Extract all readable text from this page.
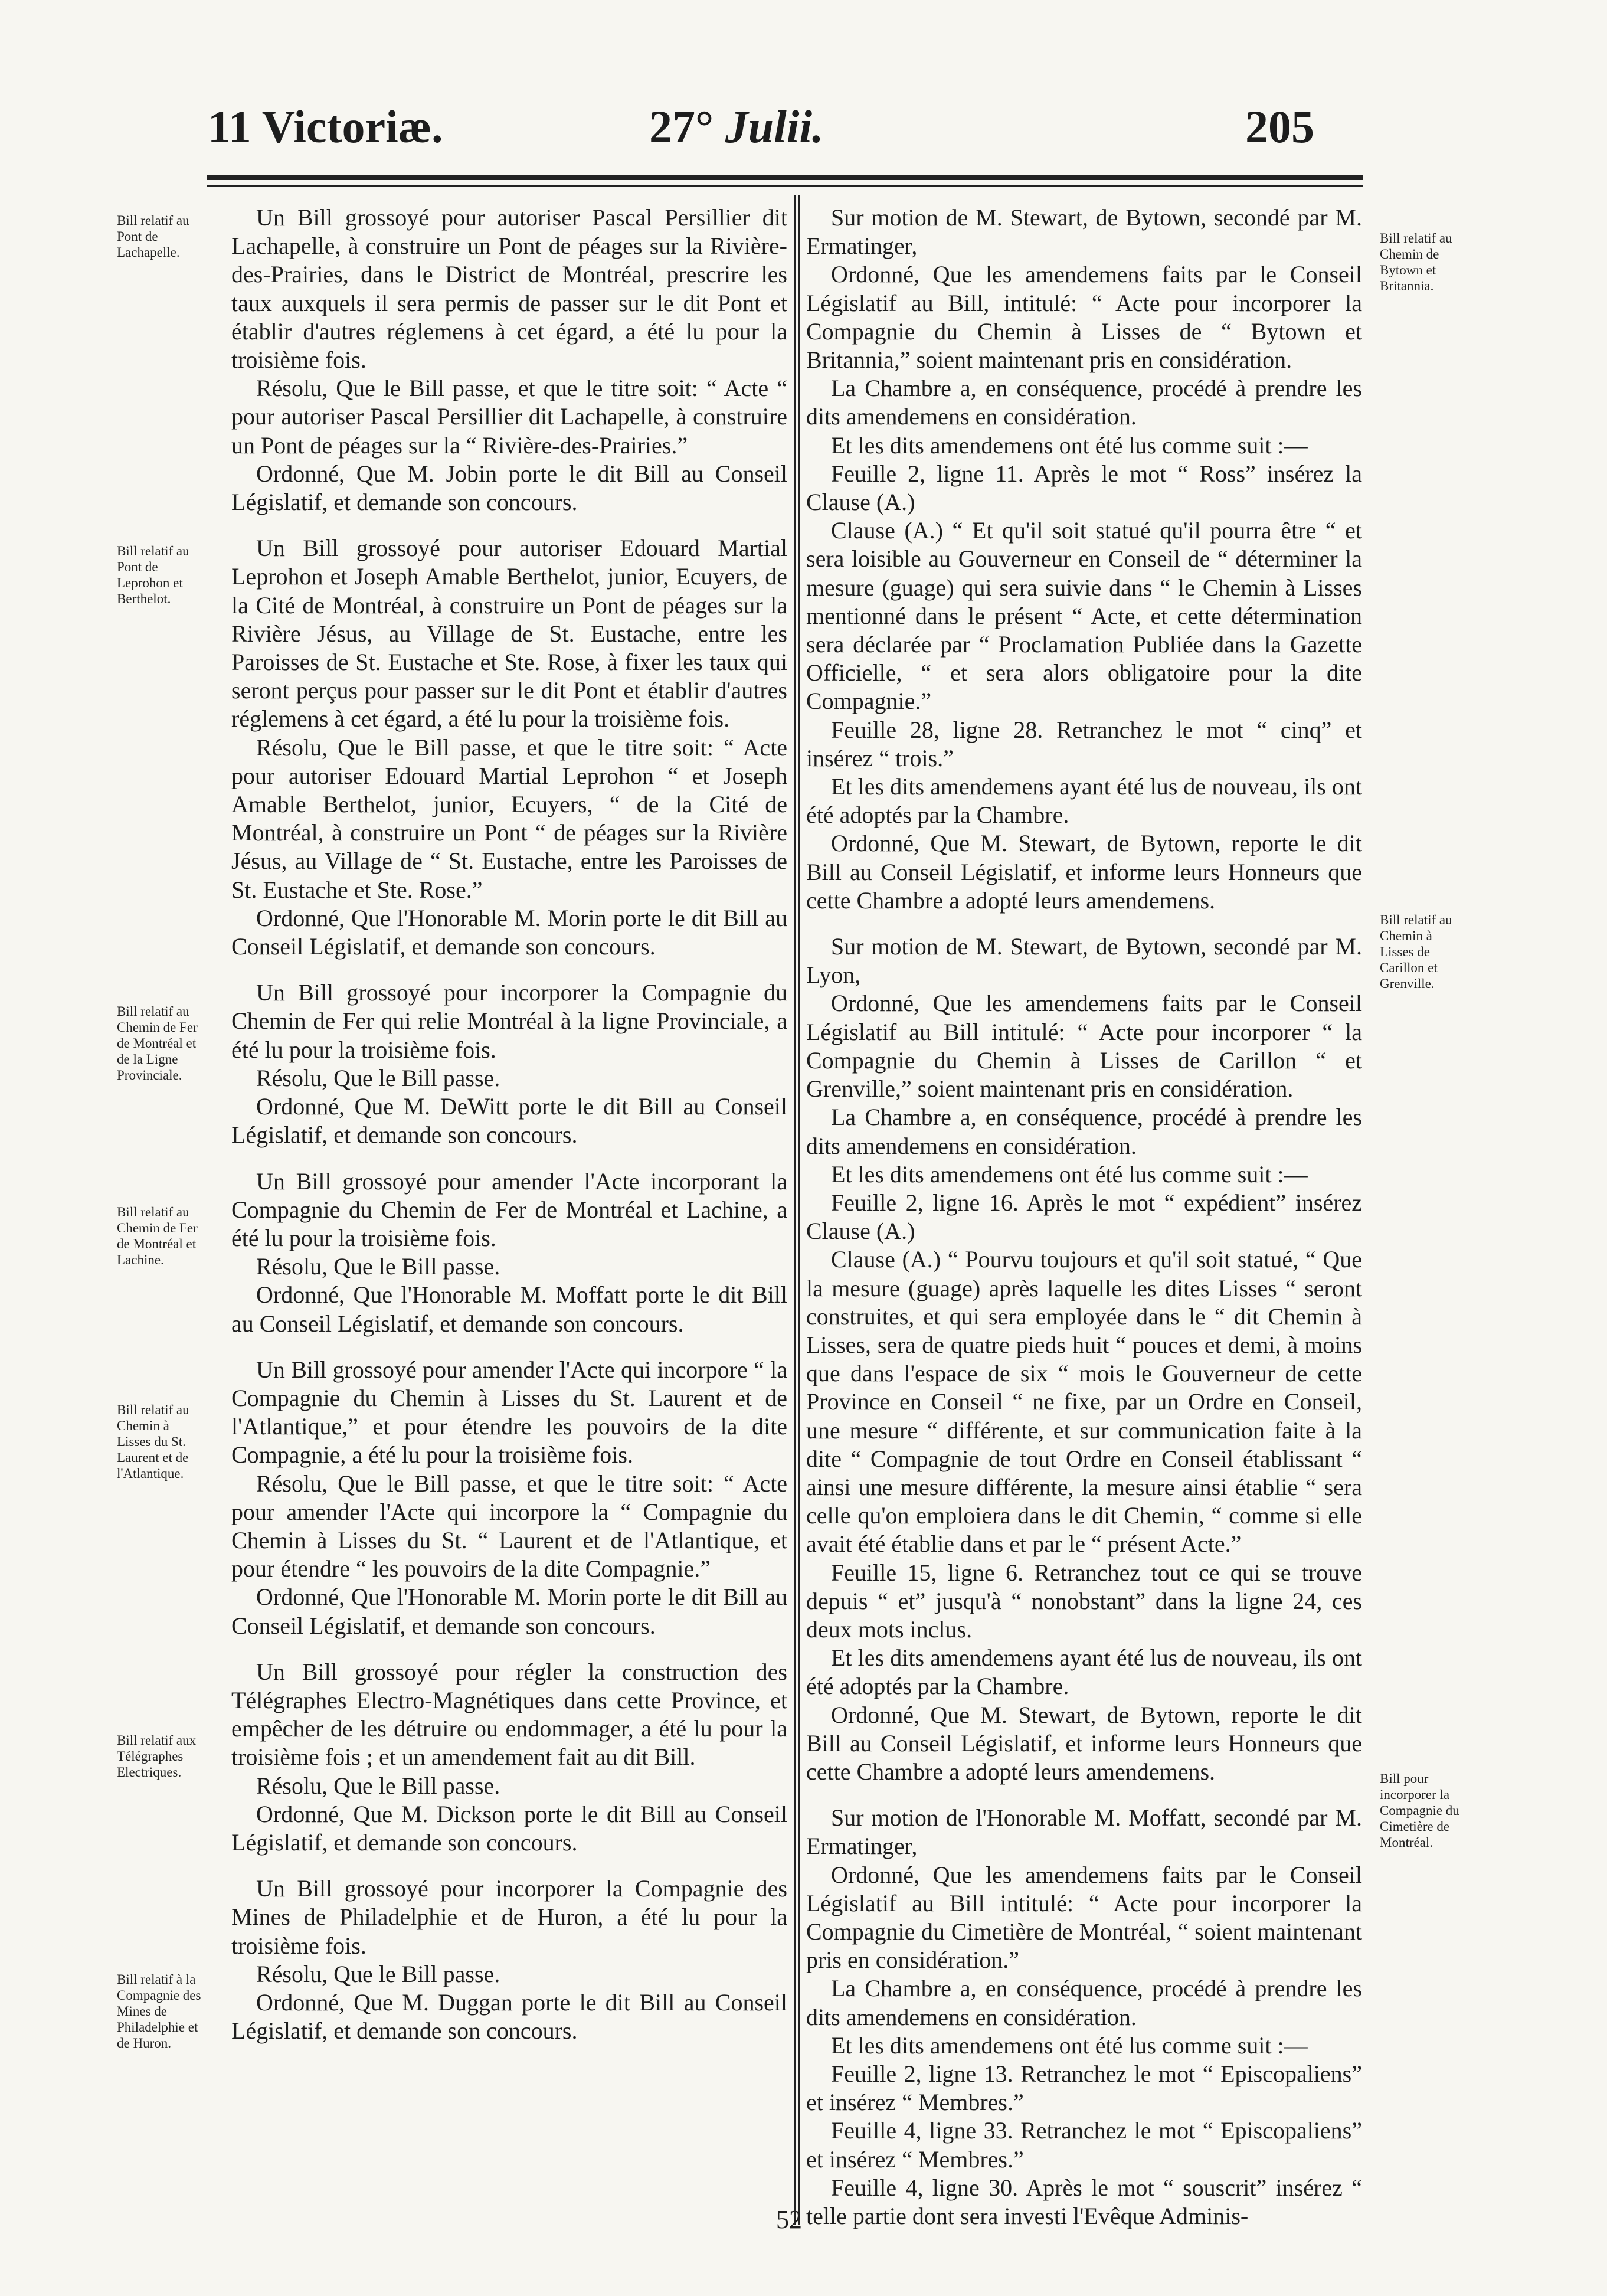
11 Victoriæ.	27° Julii.	205
Bill relatif au Pont de Lachapelle.
Bill relatif au Pont de Leprohon et Berthelot.
Bill relatif au Chemin de Fer de Montréal et de la Ligne Provinciale.
Bill relatif au Chemin de Fer de Montréal et Lachine.
Bill relatif au Chemin à Lisses du St. Laurent et de l'Atlantique.
Bill relatif aux Télégraphes Electriques.
Bill relatif à la Compagnie des Mines de Philadelphie et de Huron.
Bill relatif au Chemin de Bytown et Britannia.
Bill relatif au Chemin à Lisses de Carillon et Grenville.
Bill pour incorporer la Compagnie du Cimetière de Montréal.

Un Bill grossoyé pour autoriser Pascal Persillier dit Lachapelle, à construire un Pont de péages sur la Rivière-des-Prairies, dans le District de Montréal, prescrire les taux auxquels il sera permis de passer sur le dit Pont et établir d'autres réglemens à cet égard, a été lu pour la troisième fois.

Résolu, Que le Bill passe, et que le titre soit: “ Acte “ pour autoriser Pascal Persillier dit Lachapelle, à construire un Pont de péages sur la “ Rivière-des-Prairies.”

Ordonné, Que M. Jobin porte le dit Bill au Conseil Législatif, et demande son concours.

Un Bill grossoyé pour autoriser Edouard Martial Leprohon et Joseph Amable Berthelot, junior, Ecuyers, de la Cité de Montréal, à construire un Pont de péages sur la Rivière Jésus, au Village de St. Eustache, entre les Paroisses de St. Eustache et Ste. Rose, à fixer les taux qui seront perçus pour passer sur le dit Pont et établir d'autres réglemens à cet égard, a été lu pour la troisième fois.

Résolu, Que le Bill passe, et que le titre soit: “ Acte pour autoriser Edouard Martial Leprohon “ et Joseph Amable Berthelot, junior, Ecuyers, “ de la Cité de Montréal, à construire un Pont “ de péages sur la Rivière Jésus, au Village de “ St. Eustache, entre les Paroisses de St. Eustache et Ste. Rose.”

Ordonné, Que l'Honorable M. Morin porte le dit Bill au Conseil Législatif, et demande son concours.

Un Bill grossoyé pour incorporer la Compagnie du Chemin de Fer qui relie Montréal à la ligne Provinciale, a été lu pour la troisième fois.

Résolu, Que le Bill passe.

Ordonné, Que M. DeWitt porte le dit Bill au Conseil Législatif, et demande son concours.

Un Bill grossoyé pour amender l'Acte incorporant la Compagnie du Chemin de Fer de Montréal et Lachine, a été lu pour la troisième fois.

Résolu, Que le Bill passe.

Ordonné, Que l'Honorable M. Moffatt porte le dit Bill au Conseil Législatif, et demande son concours.

Un Bill grossoyé pour amender l'Acte qui incorpore “ la Compagnie du Chemin à Lisses du St. Laurent et de l'Atlantique,” et pour étendre les pouvoirs de la dite Compagnie, a été lu pour la troisième fois.

Résolu, Que le Bill passe, et que le titre soit: “ Acte pour amender l'Acte qui incorpore la “ Compagnie du Chemin à Lisses du St. “ Laurent et de l'Atlantique, et pour étendre “ les pouvoirs de la dite Compagnie.”

Ordonné, Que l'Honorable M. Morin porte le dit Bill au Conseil Législatif, et demande son concours.

Un Bill grossoyé pour régler la construction des Télégraphes Electro-Magnétiques dans cette Province, et empêcher de les détruire ou endommager, a été lu pour la troisième fois ; et un amendement fait au dit Bill.

Résolu, Que le Bill passe.

Ordonné, Que M. Dickson porte le dit Bill au Conseil Législatif, et demande son concours.

Un Bill grossoyé pour incorporer la Compagnie des Mines de Philadelphie et de Huron, a été lu pour la troisième fois.

Résolu, Que le Bill passe.

Ordonné, Que M. Duggan porte le dit Bill au Conseil Législatif, et demande son concours.

Sur motion de M. Stewart, de Bytown, secondé par M. Ermatinger,

Ordonné, Que les amendemens faits par le Conseil Législatif au Bill, intitulé: “ Acte pour incorporer la Compagnie du Chemin à Lisses de “ Bytown et Britannia,” soient maintenant pris en considération.

La Chambre a, en conséquence, procédé à prendre les dits amendemens en considération.

Et les dits amendemens ont été lus comme suit :—

Feuille 2, ligne 11. Après le mot “ Ross” insérez la Clause (A.)

Clause (A.) “ Et qu'il soit statué qu'il pourra être “ et sera loisible au Gouverneur en Conseil de “ déterminer la mesure (guage) qui sera suivie dans “ le Chemin à Lisses mentionné dans le présent “ Acte, et cette détermination sera déclarée par “ Proclamation Publiée dans la Gazette Officielle, “ et sera alors obligatoire pour la dite Compagnie.”

Feuille 28, ligne 28. Retranchez le mot “ cinq” et insérez “ trois.”

Et les dits amendemens ayant été lus de nouveau, ils ont été adoptés par la Chambre.

Ordonné, Que M. Stewart, de Bytown, reporte le dit Bill au Conseil Législatif, et informe leurs Honneurs que cette Chambre a adopté leurs amendemens.

Sur motion de M. Stewart, de Bytown, secondé par M. Lyon,

Ordonné, Que les amendemens faits par le Conseil Législatif au Bill intitulé: “ Acte pour incorporer “ la Compagnie du Chemin à Lisses de Carillon “ et Grenville,” soient maintenant pris en considération.

La Chambre a, en conséquence, procédé à prendre les dits amendemens en considération.

Et les dits amendemens ont été lus comme suit :—

Feuille 2, ligne 16. Après le mot “ expédient” insérez Clause (A.)

Clause (A.) “ Pourvu toujours et qu'il soit statué, “ Que la mesure (guage) après laquelle les dites Lisses “ seront construites, et qui sera employée dans le “ dit Chemin à Lisses, sera de quatre pieds huit “ pouces et demi, à moins que dans l'espace de six “ mois le Gouverneur de cette Province en Conseil “ ne fixe, par un Ordre en Conseil, une mesure “ différente, et sur communication faite à la dite “ Compagnie de tout Ordre en Conseil établissant “ ainsi une mesure différente, la mesure ainsi établie “ sera celle qu'on emploiera dans le dit Chemin, “ comme si elle avait été établie dans et par le “ présent Acte.”

Feuille 15, ligne 6. Retranchez tout ce qui se trouve depuis “ et” jusqu'à “ nonobstant” dans la ligne 24, ces deux mots inclus.

Et les dits amendemens ayant été lus de nouveau, ils ont été adoptés par la Chambre.

Ordonné, Que M. Stewart, de Bytown, reporte le dit Bill au Conseil Législatif, et informe leurs Honneurs que cette Chambre a adopté leurs amendemens.

Sur motion de l'Honorable M. Moffatt, secondé par M. Ermatinger,

Ordonné, Que les amendemens faits par le Conseil Législatif au Bill intitulé: “ Acte pour incorporer la Compagnie du Cimetière de Montréal, “ soient maintenant pris en considération.”

La Chambre a, en conséquence, procédé à prendre les dits amendemens en considération.

Et les dits amendemens ont été lus comme suit :—

Feuille 2, ligne 13. Retranchez le mot “ Episcopaliens” et insérez “ Membres.”

Feuille 4, ligne 33. Retranchez le mot “ Episcopaliens” et insérez “ Membres.”

Feuille 4, ligne 30. Après le mot “ souscrit” insérez “ telle partie dont sera investi l'Evêque Adminis-

52
